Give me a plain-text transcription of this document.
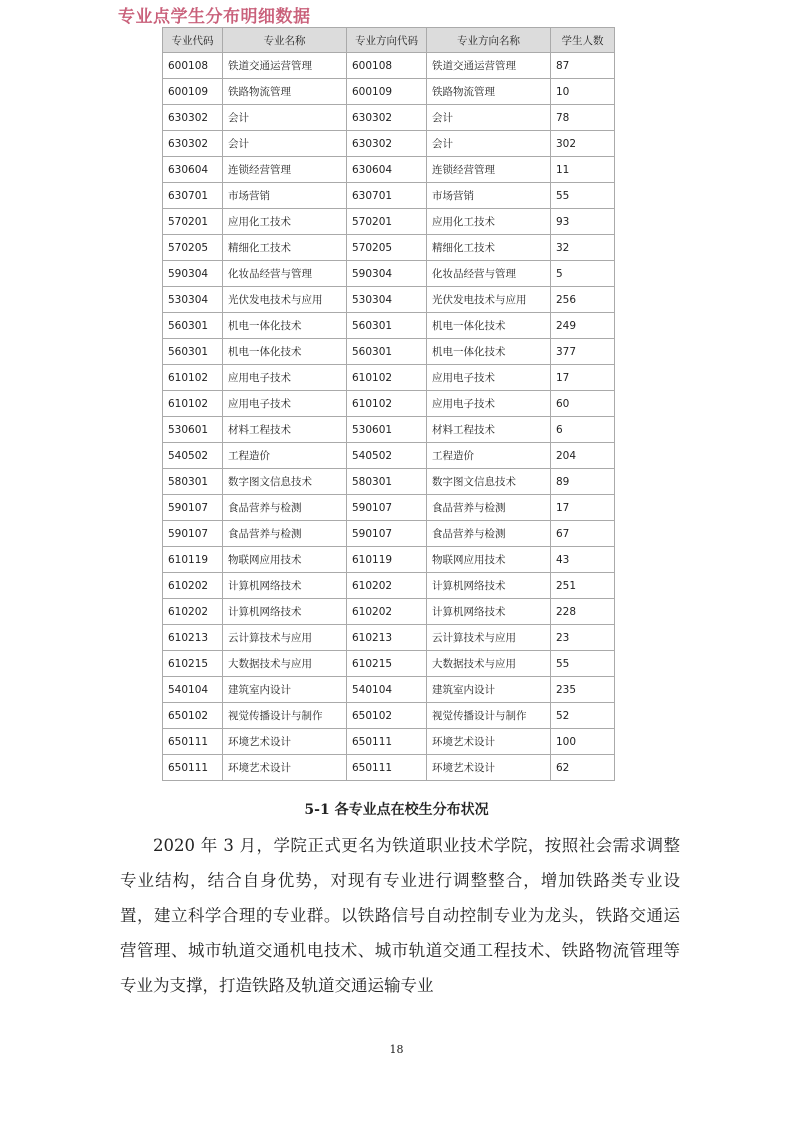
专业点学生分布明细数据
专业代码	专业名称	专业方向代码	专业方向名称	学生人数
600108	铁道交通运营管理	600108	铁道交通运营管理	87
600109	铁路物流管理	600109	铁路物流管理	10
630302	会计	630302	会计	78
630302	会计	630302	会计	302
630604	连锁经营管理	630604	连锁经营管理	11
630701	市场营销	630701	市场营销	55
570201	应用化工技术	570201	应用化工技术	93
570205	精细化工技术	570205	精细化工技术	32
590304	化妆品经营与管理	590304	化妆品经营与管理	5
530304	光伏发电技术与应用	530304	光伏发电技术与应用	256
560301	机电一体化技术	560301	机电一体化技术	249
560301	机电一体化技术	560301	机电一体化技术	377
610102	应用电子技术	610102	应用电子技术	17
610102	应用电子技术	610102	应用电子技术	60
530601	材料工程技术	530601	材料工程技术	6
540502	工程造价	540502	工程造价	204
580301	数字图文信息技术	580301	数字图文信息技术	89
590107	食品营养与检测	590107	食品营养与检测	17
590107	食品营养与检测	590107	食品营养与检测	67
610119	物联网应用技术	610119	物联网应用技术	43
610202	计算机网络技术	610202	计算机网络技术	251
610202	计算机网络技术	610202	计算机网络技术	228
610213	云计算技术与应用	610213	云计算技术与应用	23
610215	大数据技术与应用	610215	大数据技术与应用	55
540104	建筑室内设计	540104	建筑室内设计	235
650102	视觉传播设计与制作	650102	视觉传播设计与制作	52
650111	环境艺术设计	650111	环境艺术设计	100
650111	环境艺术设计	650111	环境艺术设计	62
5-1 各专业点在校生分布状况

2020 年 3 月，学院正式更名为铁道职业技术学院，按照社会需求调整专业结构，结合自身优势，对现有专业进行调整整合，增加铁路类专业设置，建立科学合理的专业群。以铁路信号自动控制专业为龙头，铁路交通运营管理、城市轨道交通机电技术、城市轨道交通工程技术、铁路物流管理等专业为支撑，打造铁路及轨道交通运输专业

18
